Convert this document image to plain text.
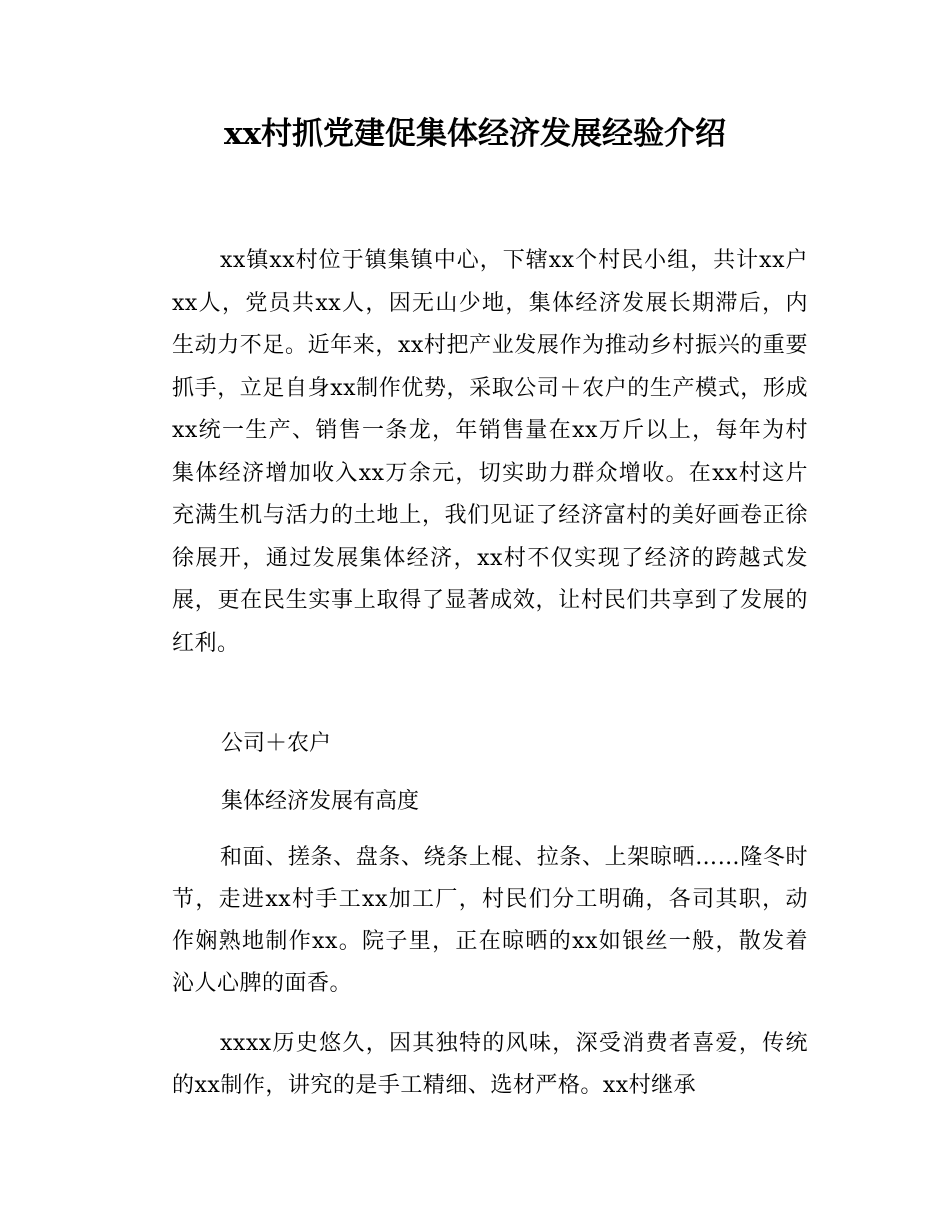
xx村抓党建促集体经济发展经验介绍

xx镇xx村位于镇集镇中心，下辖xx个村民小组，共计xx户xx人，党员共xx人，因无山少地，集体经济发展长期滞后，内生动力不足。近年来，xx村把产业发展作为推动乡村振兴的重要抓手，立足自身xx制作优势，采取公司＋农户的生产模式，形成xx统一生产、销售一条龙，年销售量在xx万斤以上，每年为村集体经济增加收入xx万余元，切实助力群众增收。在xx村这片充满生机与活力的土地上，我们见证了经济富村的美好画卷正徐徐展开，通过发展集体经济，xx村不仅实现了经济的跨越式发展，更在民生实事上取得了显著成效，让村民们共享到了发展的红利。

公司＋农户

集体经济发展有高度

和面、搓条、盘条、绕条上棍、拉条、上架晾晒……隆冬时节，走进xx村手工xx加工厂，村民们分工明确，各司其职，动作娴熟地制作xx。院子里，正在晾晒的xx如银丝一般，散发着沁人心脾的面香。

xxxx历史悠久，因其独特的风味，深受消费者喜爱，传统的xx制作，讲究的是手工精细、选材严格。xx村继承
